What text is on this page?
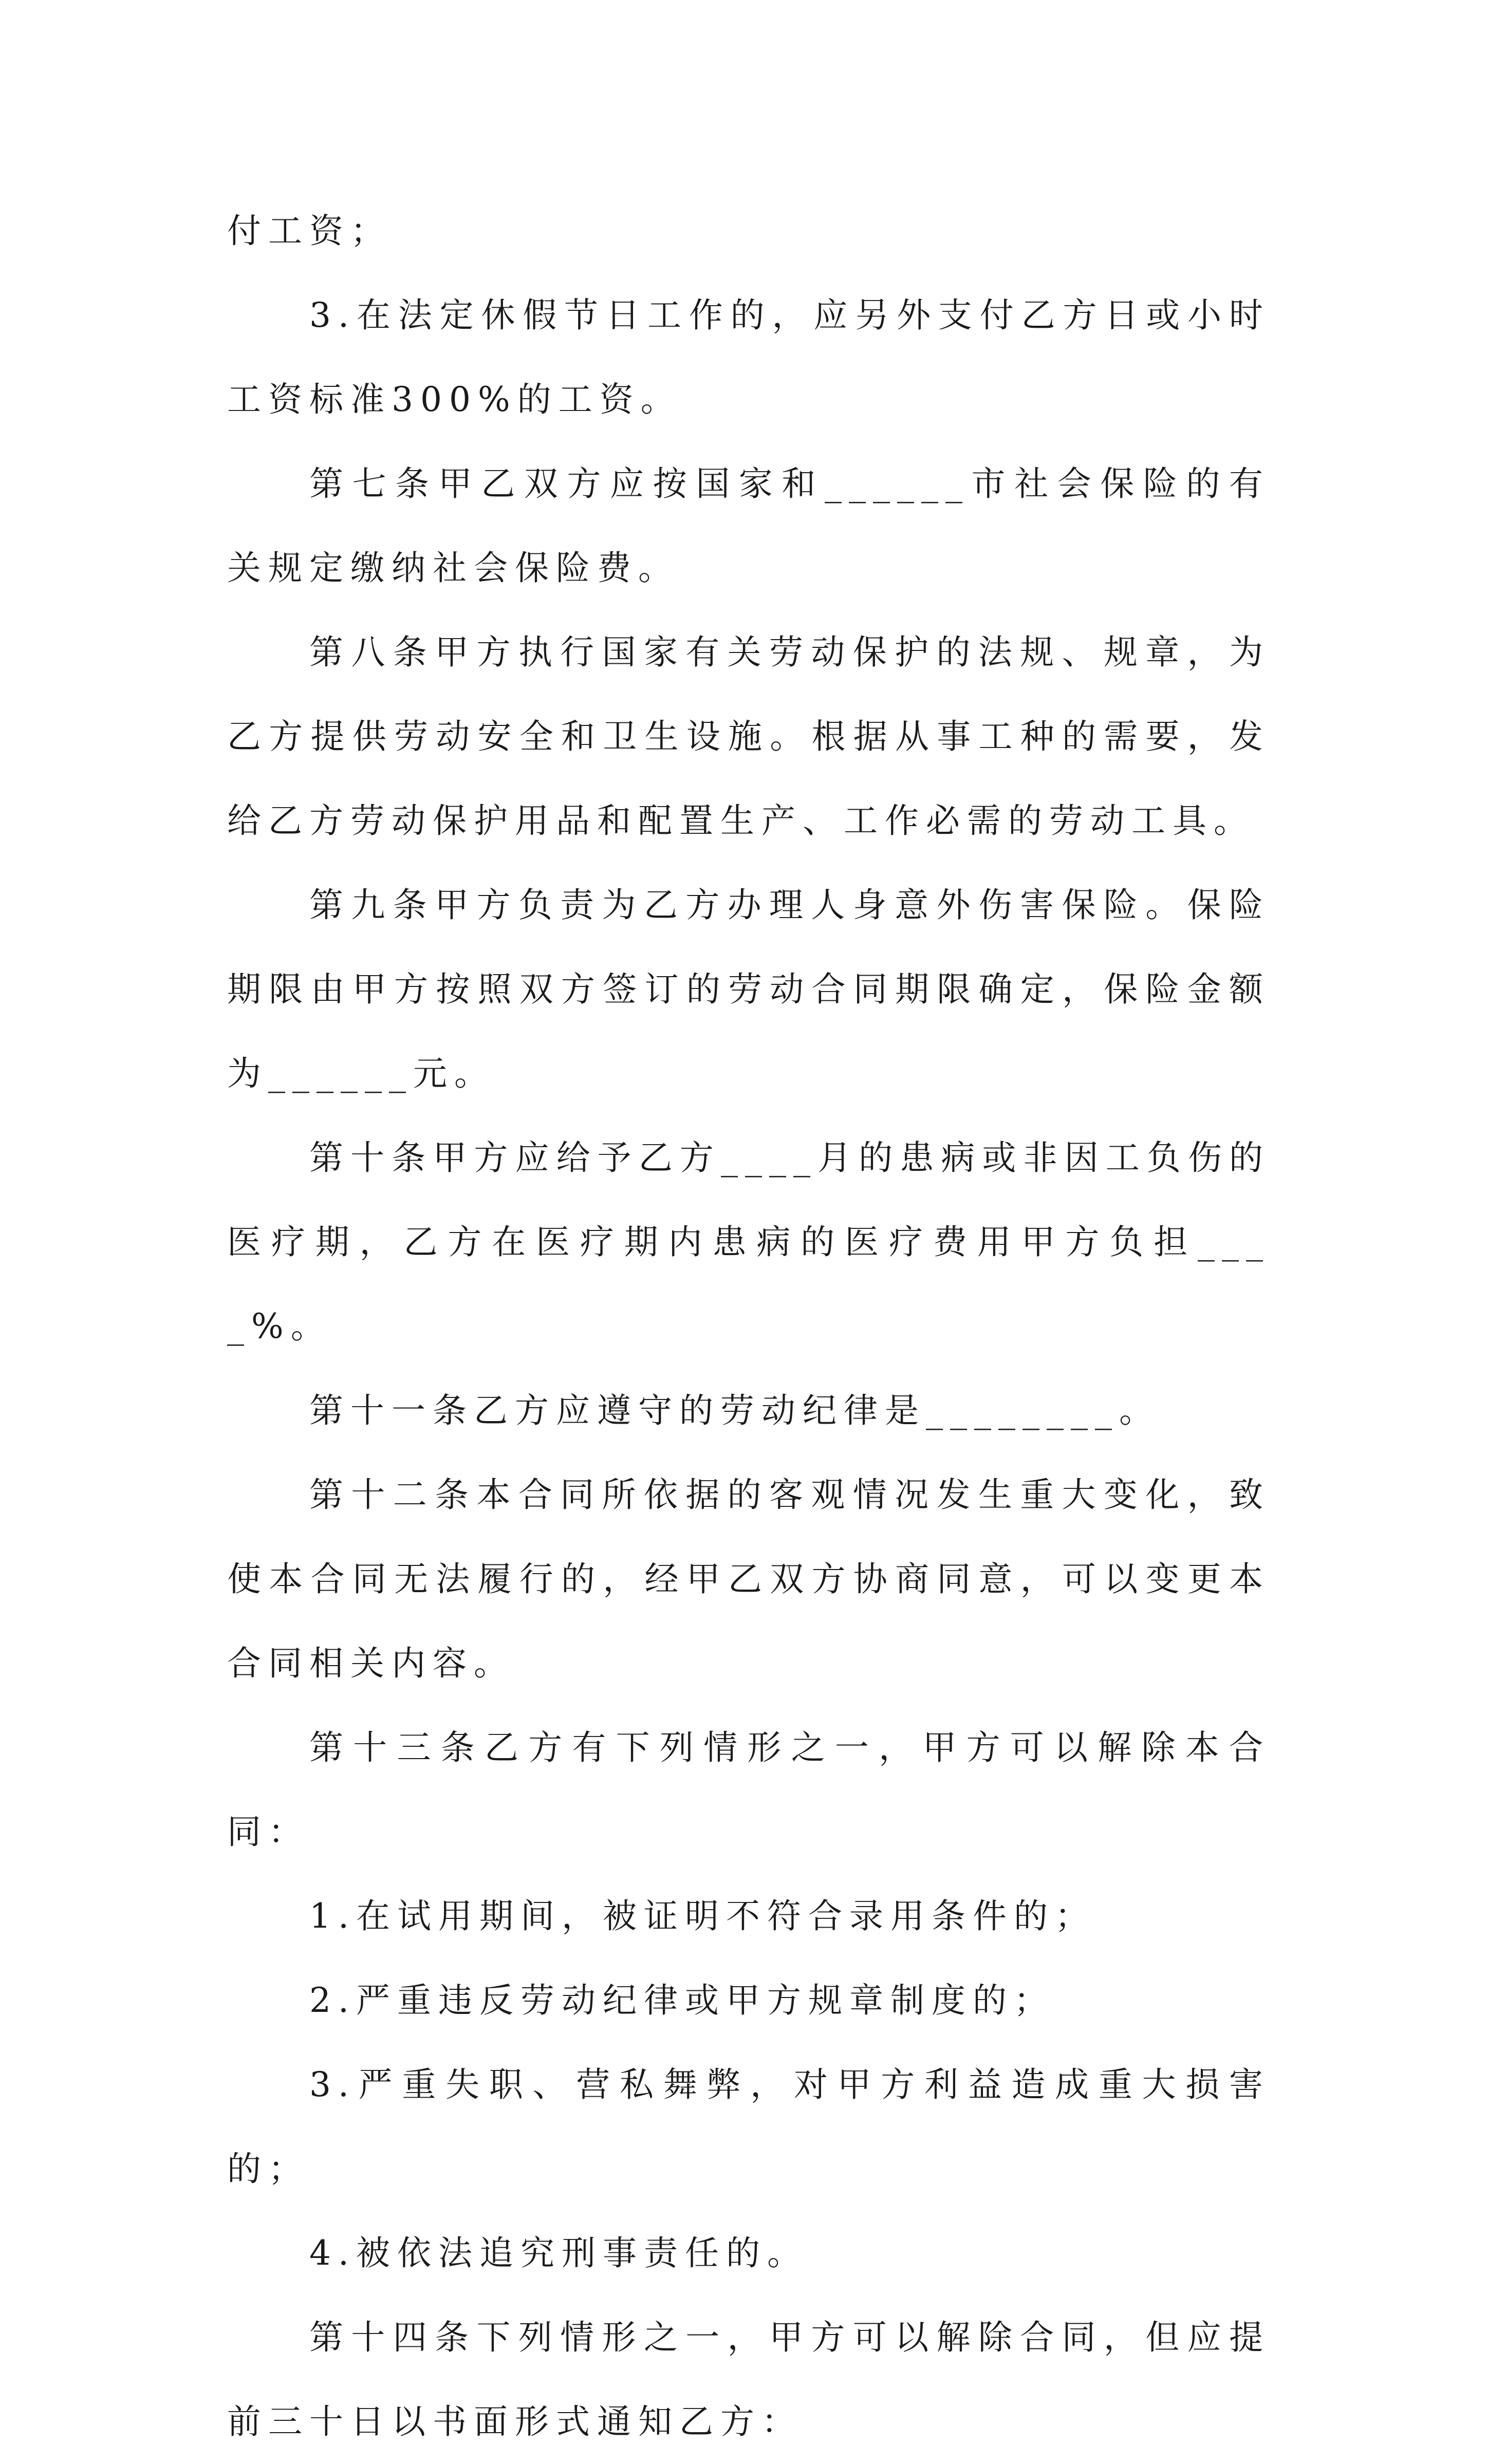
付工资；

3.在法定休假节日工作的，应另外支付乙方日或小时工资标准300%的工资。

第七条甲乙双方应按国家和______市社会保险的有关规定缴纳社会保险费。

第八条甲方执行国家有关劳动保护的法规、规章，为乙方提供劳动安全和卫生设施。根据从事工种的需要，发给乙方劳动保护用品和配置生产、工作必需的劳动工具。

第九条甲方负责为乙方办理人身意外伤害保险。保险期限由甲方按照双方签订的劳动合同期限确定，保险金额为______元。

第十条甲方应给予乙方____月的患病或非因工负伤的医疗期，乙方在医疗期内患病的医疗费用甲方负担____%。

第十一条乙方应遵守的劳动纪律是________。

第十二条本合同所依据的客观情况发生重大变化，致使本合同无法履行的，经甲乙双方协商同意，可以变更本合同相关内容。

第十三条乙方有下列情形之一，甲方可以解除本合同：

1.在试用期间，被证明不符合录用条件的；

2.严重违反劳动纪律或甲方规章制度的；

3.严重失职、营私舞弊，对甲方利益造成重大损害的；

4.被依法追究刑事责任的。

第十四条下列情形之一，甲方可以解除合同，但应提前三十日以书面形式通知乙方：
